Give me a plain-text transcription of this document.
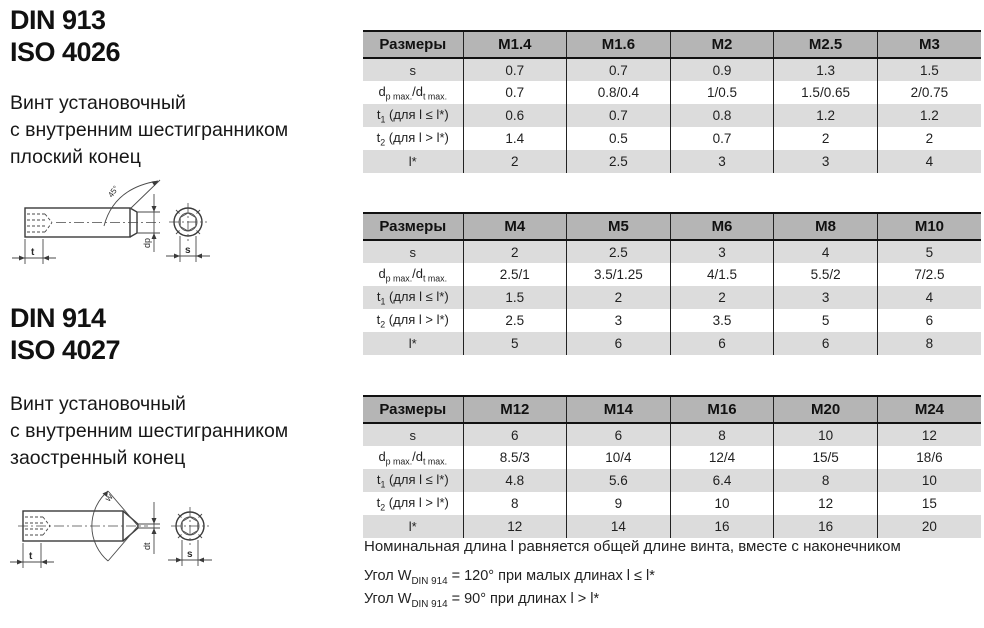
DIN 913
ISO 4026
Винт установочный
с внутренним шестигранником
плоский конец
45°
t
dp
s
DIN 914
ISO 4027
Винт установочный
с внутренним шестигранником
заостренный конец
w
t
dt
s
Размеры	M1.4	M1.6	M2	M2.5	M3
s	0.7	0.7	0.9	1.3	1.5
$d_{p max.}/d_{t max.}$	0.7	0.8/0.4	1/0.5	1.5/0.65	2/0.75
$t_1$ (для l ≤ l*)	0.6	0.7	0.8	1.2	1.2
$t_2$ (для l > l*)	1.4	0.5	0.7	2	2
l*	2	2.5	3	3	4
Размеры	M4	M5	M6	M8	M10
s	2	2.5	3	4	5
$d_{p max.}/d_{t max.}$	2.5/1	3.5/1.25	4/1.5	5.5/2	7/2.5
$t_1$ (для l ≤ l*)	1.5	2	2	3	4
$t_2$ (для l > l*)	2.5	3	3.5	5	6
l*	5	6	6	6	8
Размеры	M12	M14	M16	M20	M24
s	6	6	8	10	12
$d_{p max.}/d_{t max.}$	8.5/3	10/4	12/4	15/5	18/6
$t_1$ (для l ≤ l*)	4.8	5.6	6.4	8	10
$t_2$ (для l > l*)	8	9	10	12	15
l*	12	14	16	16	20

Номинальная длина l равняется общей длине винта, вместе с наконечником

Угол $W_{DIN 914} = 120^\circ$ при малых длинах l ≤ l*

Угол $W_{DIN 914} = 90^\circ$ при длинах l > l*
